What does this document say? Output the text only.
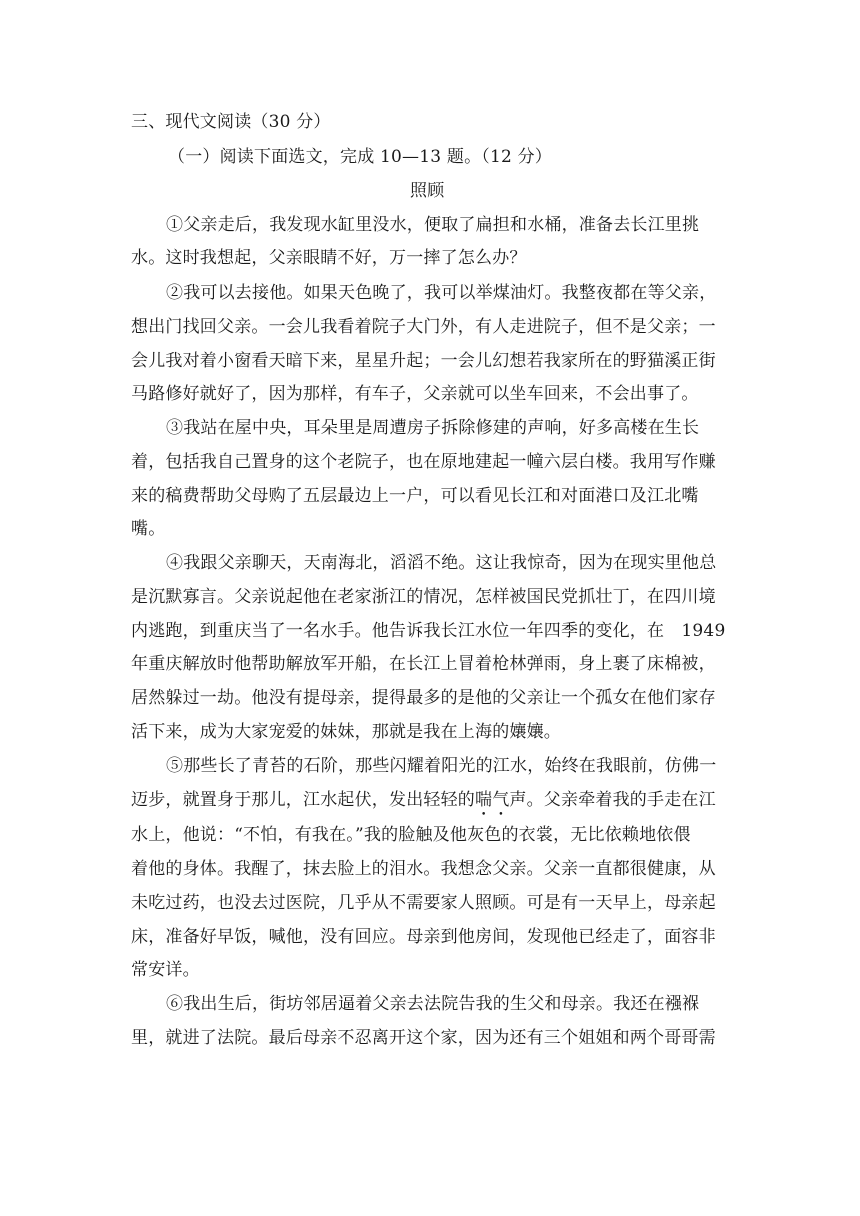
三、现代文阅读（30 分）
（一）阅读下面选文，完成 10—13 题。（12 分）
照顾
①父亲走后，我发现水缸里没水，便取了扁担和水桶，准备去长江里挑
水。这时我想起，父亲眼睛不好，万一摔了怎么办？
②我可以去接他。如果天色晚了，我可以举煤油灯。我整夜都在等父亲，
想出门找回父亲。一会儿我看着院子大门外，有人走进院子，但不是父亲；一
会儿我对着小窗看天暗下来，星星升起；一会儿幻想若我家所在的野猫溪正街
马路修好就好了，因为那样，有车子，父亲就可以坐车回来，不会出事了。
③我站在屋中央，耳朵里是周遭房子拆除修建的声响，好多高楼在生长
着，包括我自己置身的这个老院子，也在原地建起一幢六层白楼。我用写作赚
来的稿费帮助父母购了五层最边上一户，可以看见长江和对面港口及江北嘴
嘴。
④我跟父亲聊天，天南海北，滔滔不绝。这让我惊奇，因为在现实里他总
是沉默寡言。父亲说起他在老家浙江的情况，怎样被国民党抓壮丁，在四川境
内逃跑，到重庆当了一名水手。他告诉我长江水位一年四季的变化，在　1949
年重庆解放时他帮助解放军开船，在长江上冒着枪林弹雨，身上裹了床棉被，
居然躲过一劫。他没有提母亲，提得最多的是他的父亲让一个孤女在他们家存
活下来，成为大家宠爱的妹妹，那就是我在上海的孃孃。
⑤那些长了青苔的石阶，那些闪耀着阳光的江水，始终在我眼前，仿佛一
迈步，就置身于那儿，江水起伏，发出轻轻的喘气声。父亲牵着我的手走在江
水上，他说：“不怕，有我在。”我的脸触及他灰色的衣裳，无比依赖地依偎
着他的身体。我醒了，抹去脸上的泪水。我想念父亲。父亲一直都很健康，从
未吃过药，也没去过医院，几乎从不需要家人照顾。可是有一天早上，母亲起
床，准备好早饭，喊他，没有回应。母亲到他房间，发现他已经走了，面容非
常安详。
⑥我出生后，街坊邻居逼着父亲去法院告我的生父和母亲。我还在襁褓
里，就进了法院。最后母亲不忍离开这个家，因为还有三个姐姐和两个哥哥需
